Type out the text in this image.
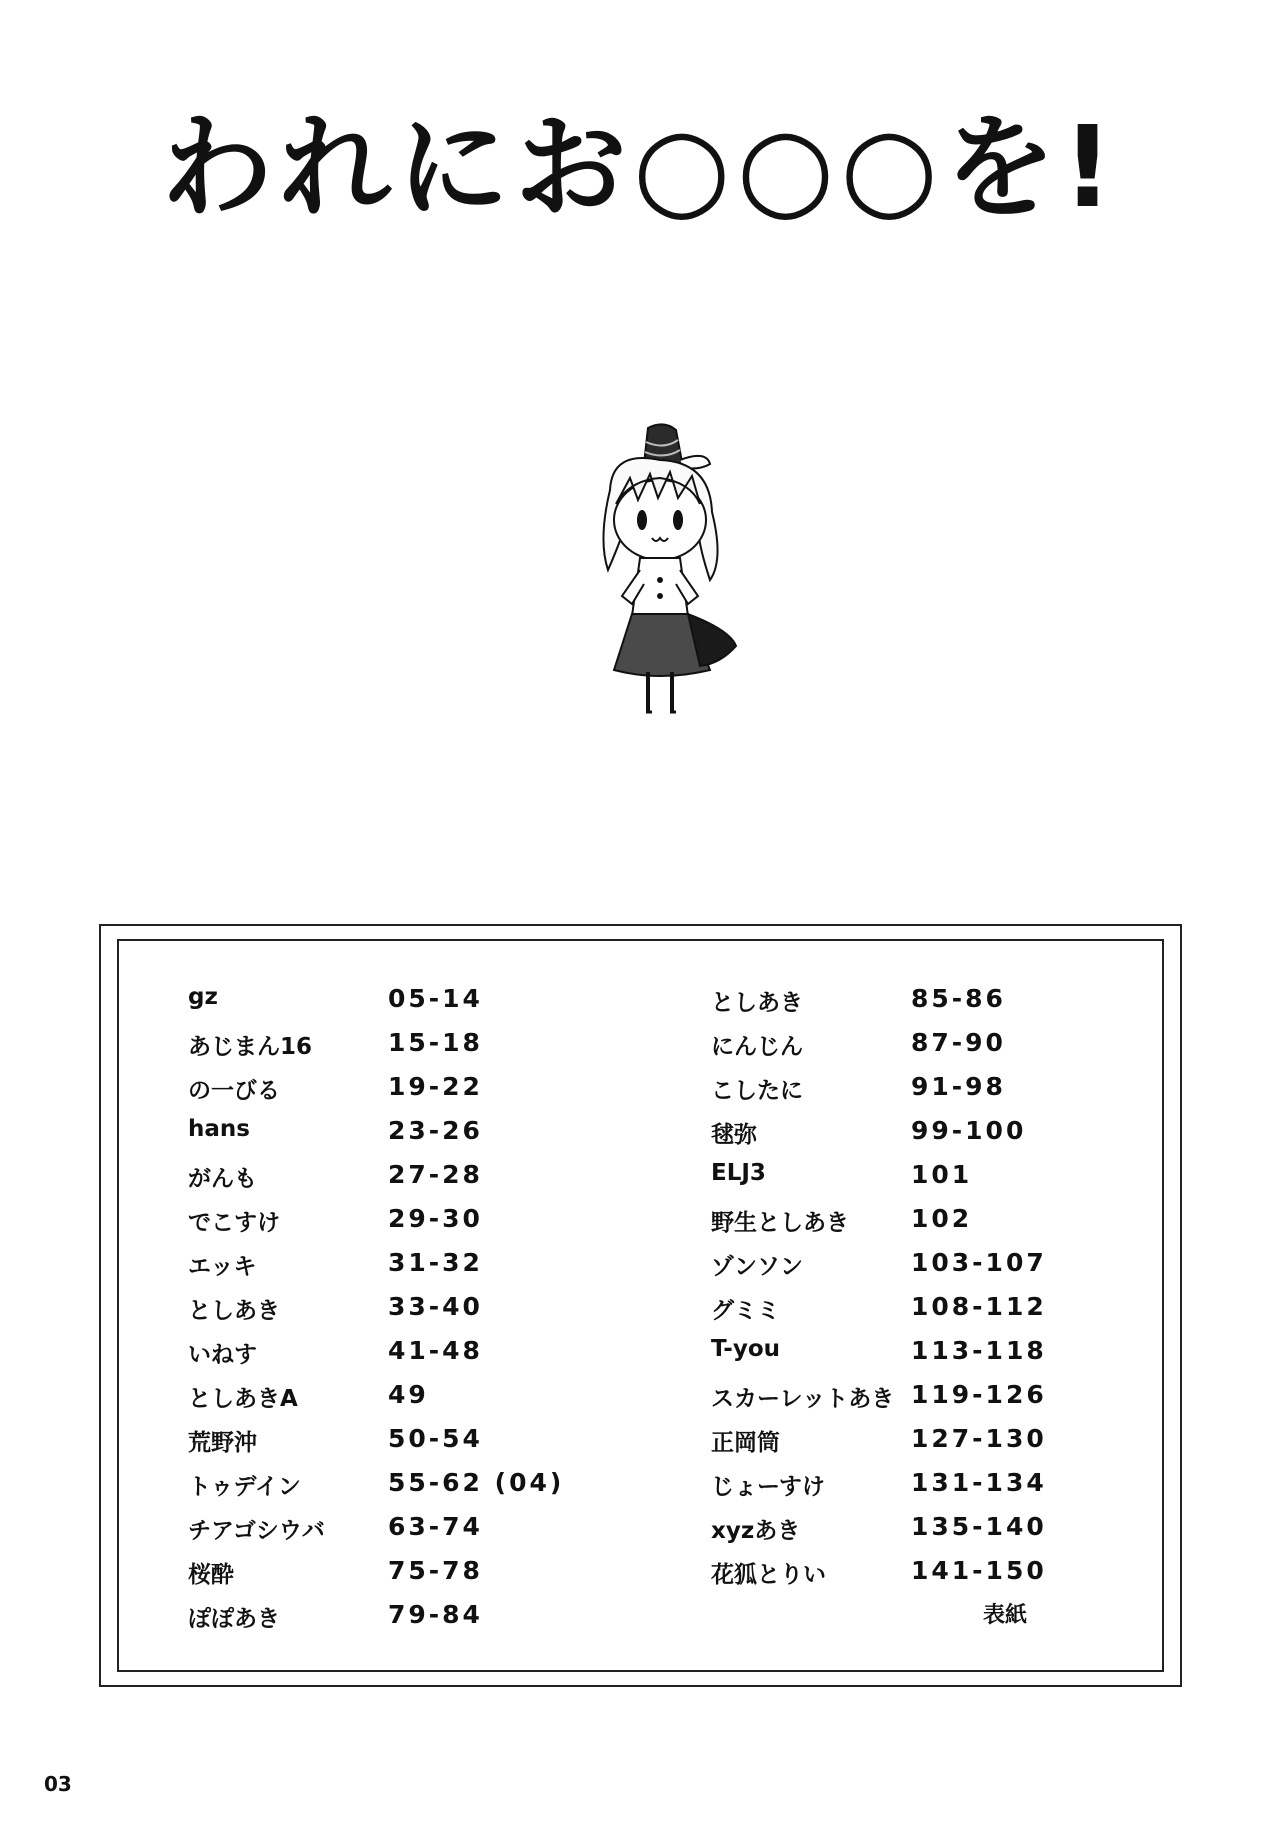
われにお○○○を!
gz	05-14
あじまん16	15-18
の一びる	19-22
hans	23-26
がんも	27-28
でこすけ	29-30
エッキ	31-32
としあき	33-40
いねす	41-48
としあきA	49
荒野沖	50-54
トゥデイン	55-62 (04)
チアゴシウバ	63-74
桜酔	75-78
ぽぽあき	79-84
としあき	85-86
にんじん	87-90
こしたに	91-98
毬弥	99-100
ELJ3	101
野生としあき 102
ゾンソン	103-107
グミミ	108-112
T-you	113-118
スカーレットあき 119-126
正岡筒	127-130
じょーすけ	131-134
xyzあき	135-140
花狐とりい	141-150
表紙
03
